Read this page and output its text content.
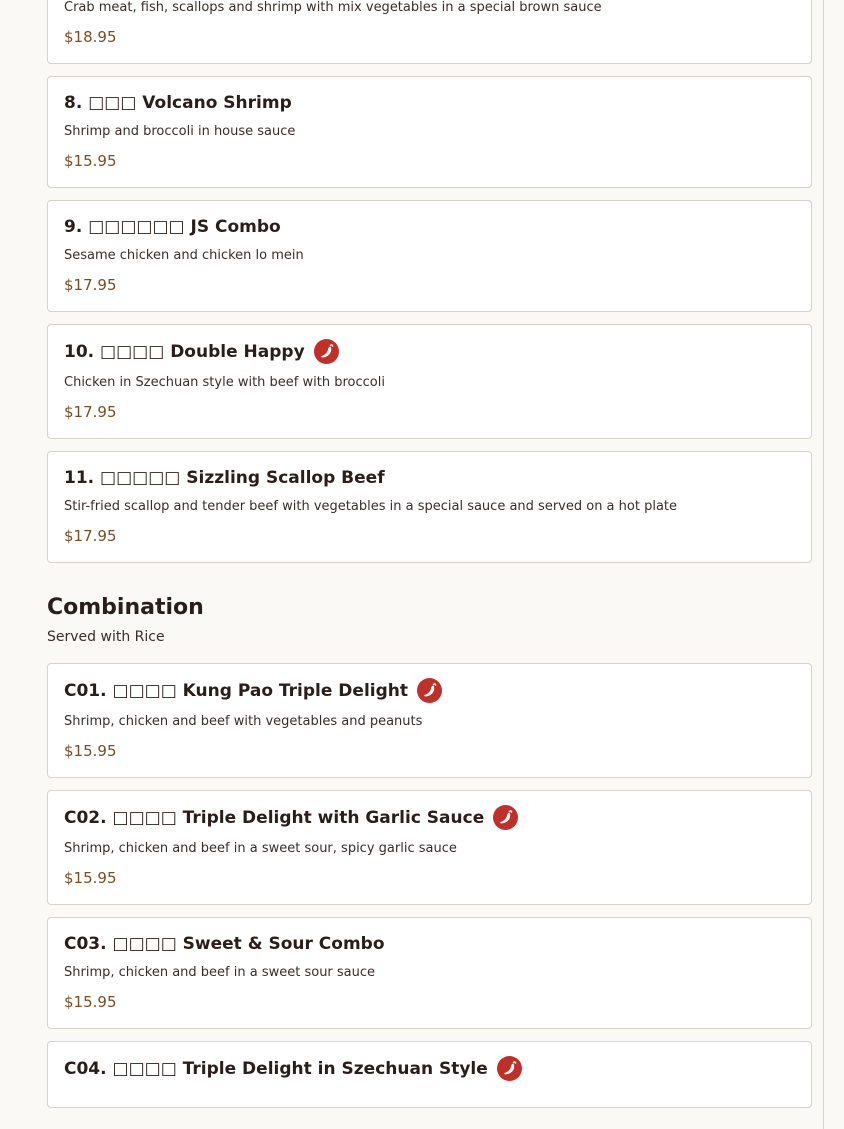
Crab meat, fish, scallops and shrimp with mix vegetables in a special brown sauce
$18.95
8. □□□ Volcano Shrimp
Shrimp and broccoli in house sauce
$15.95
9. □□□□□□ JS Combo
Sesame chicken and chicken lo mein
$17.95
10. □□□□ Double Happy
Chicken in Szechuan style with beef with broccoli
$17.95
11. □□□□□ Sizzling Scallop Beef
Stir-fried scallop and tender beef with vegetables in a special sauce and served on a hot plate
$17.95
Combination
Served with Rice
C01. □□□□ Kung Pao Triple Delight
Shrimp, chicken and beef with vegetables and peanuts
$15.95
C02. □□□□ Triple Delight with Garlic Sauce
Shrimp, chicken and beef in a sweet sour, spicy garlic sauce
$15.95
C03. □□□□ Sweet & Sour Combo
Shrimp, chicken and beef in a sweet sour sauce
$15.95
C04. □□□□ Triple Delight in Szechuan Style
